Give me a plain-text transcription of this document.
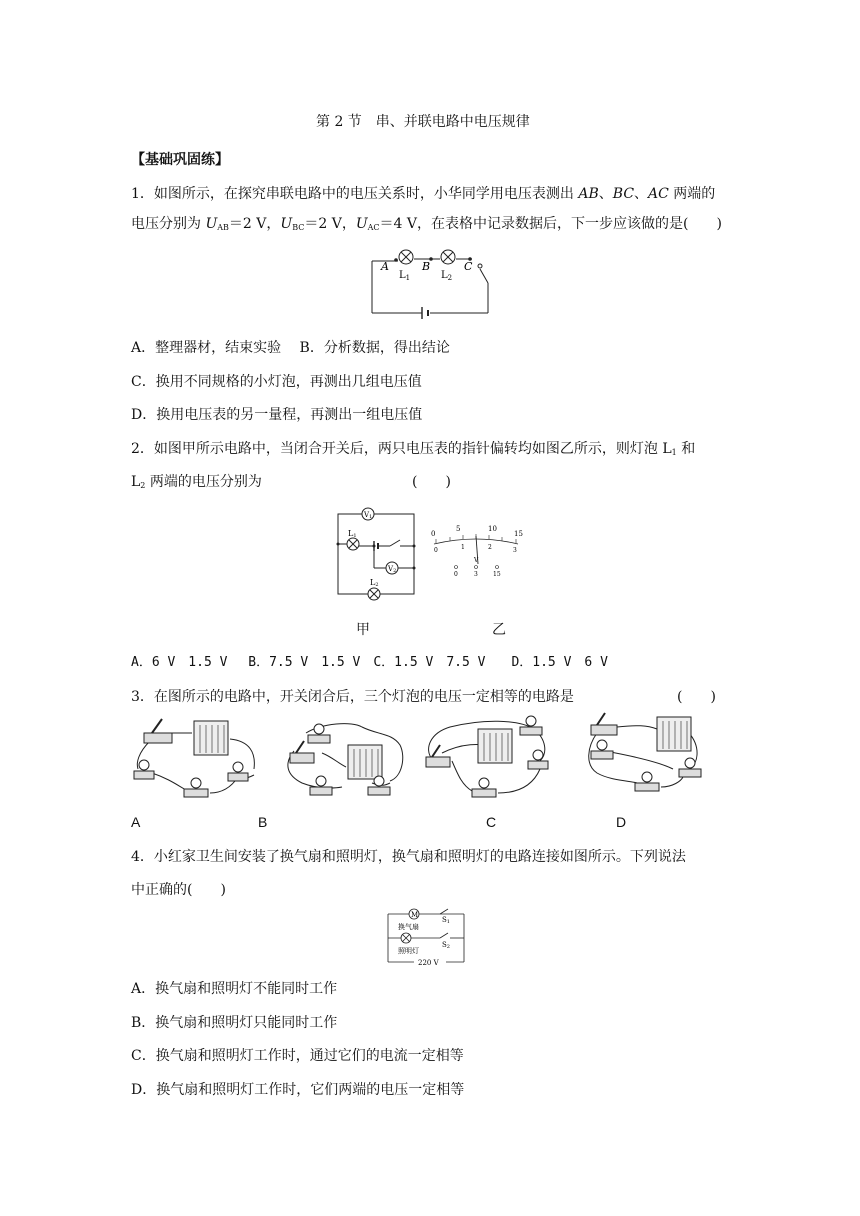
第 2 节　串、并联电路中电压规律
【基础巩固练】
1．如图所示，在探究串联电路中的电压关系时，小华同学用电压表测出 AB、BC、AC 两端的
电压分别为 $U_{AB}=2$ V，$U_{BC}=2$ V，$U_{AC}=4$ V，在表格中记录数据后，下一步应该做的是(　　)
A	B	C
$L_1$	$L_2$
A．整理器材，结束实验　 B．分析数据，得出结论
C．换用不同规格的小灯泡，再测出几组电压值
D．换用电压表的另一量程，再测出一组电压值
2．如图甲所示电路中，当闭合开关后，两只电压表的指针偏转均如图乙所示，则灯泡 $L_1$ 和
$L_2$ 两端的电压分别为	(　　)
V1
V2
L1
L2
0
5	10
15
0	1	2	3
V
0	3	15
甲	乙
A．6 V　1.5 V　 B．7.5 V　1.5 V　C．1.5 V　7.5 V　　D．1.5 V　6 V
3．在图所示的电路中，开关闭合后，三个灯泡的电压一定相等的电路是	(　　)
A	B	C	D
4．小红家卫生间安装了换气扇和照明灯，换气扇和照明灯的电路连接如图所示。下列说法
中正确的(　　)
M
换气扇
照明灯
S1
S2
220 V
A．换气扇和照明灯不能同时工作
B．换气扇和照明灯只能同时工作
C．换气扇和照明灯工作时，通过它们的电流一定相等
D．换气扇和照明灯工作时，它们两端的电压一定相等
